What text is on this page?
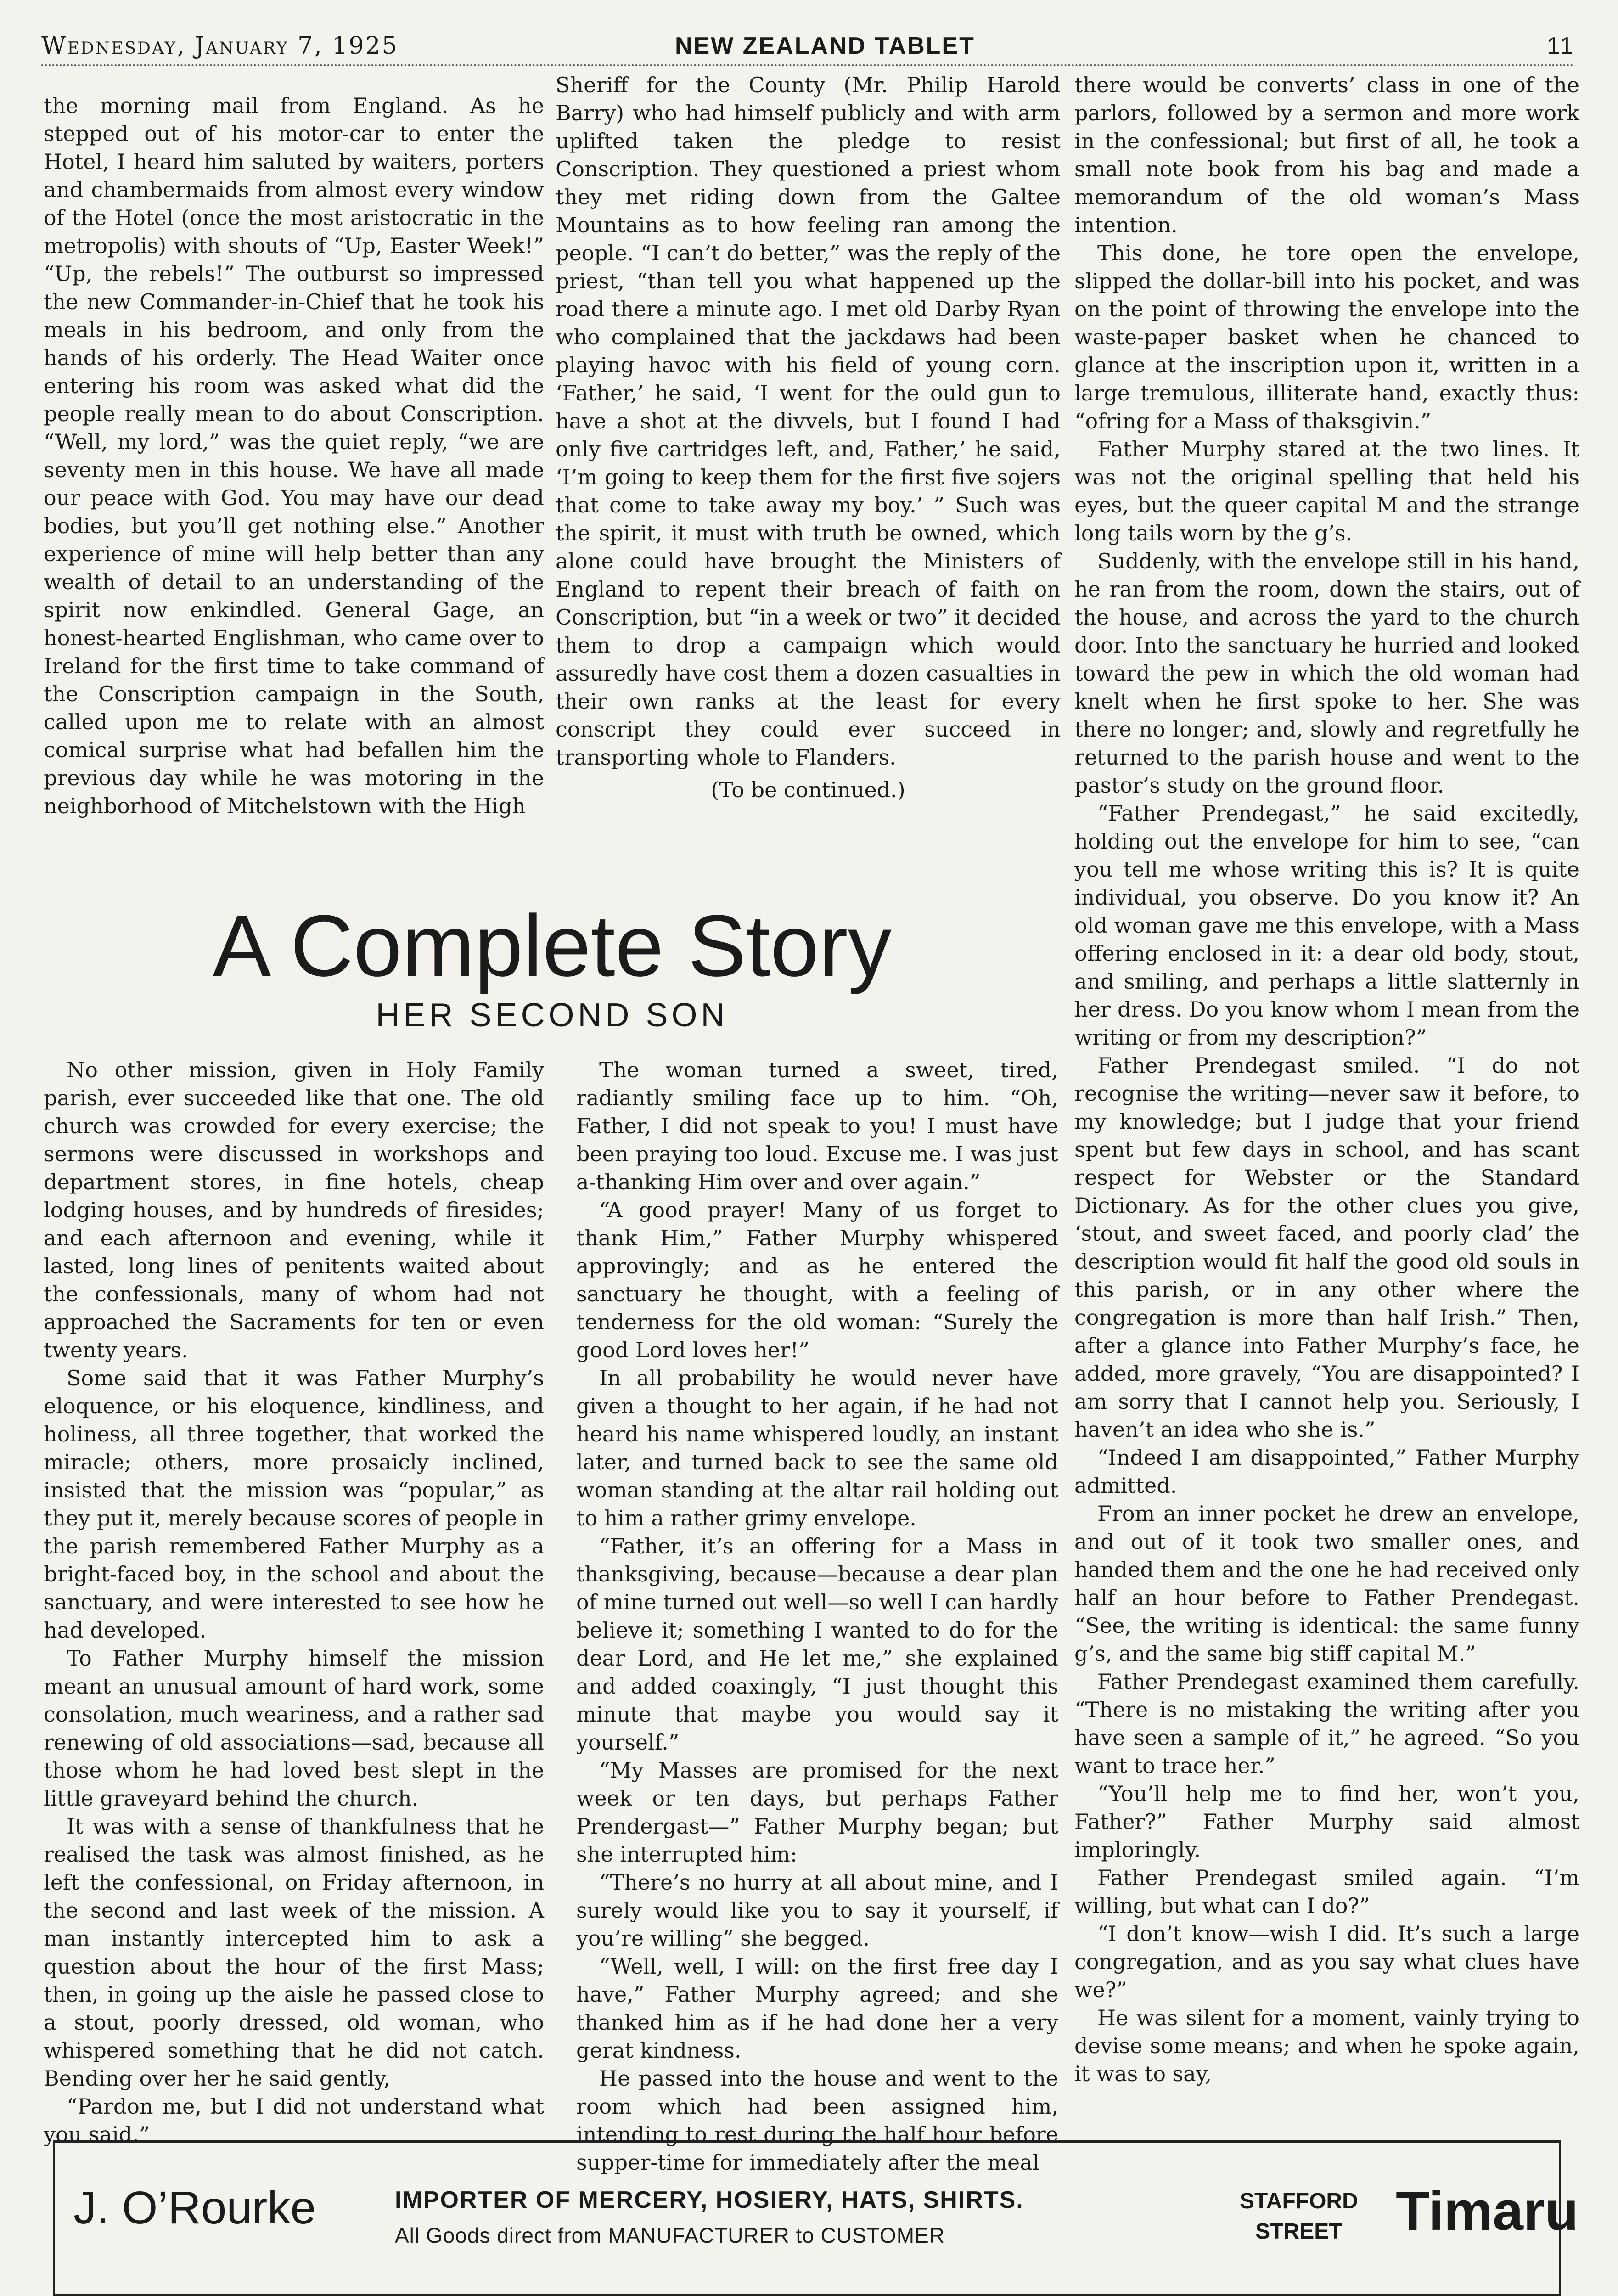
Wednesday, January 7, 1925	NEW ZEALAND TABLET	11

the morning mail from England. As he stepped out of his motor-car to enter the Hotel, I heard him saluted by waiters, porters and chambermaids from almost every window of the Hotel (once the most aristocratic in the metropolis) with shouts of “Up, Easter Week!” “Up, the rebels!” The outburst so impressed the new Commander-in-Chief that he took his meals in his bedroom, and only from the hands of his orderly. The Head Waiter once entering his room was asked what did the people really mean to do about Conscription. “Well, my lord,” was the quiet reply, “we are seventy men in this house. We have all made our peace with God. You may have our dead bodies, but you’ll get nothing else.” Another experience of mine will help better than any wealth of detail to an understanding of the spirit now enkindled. General Gage, an honest-hearted Englishman, who came over to Ireland for the first time to take command of the Conscription campaign in the South, called upon me to relate with an almost comical surprise what had befallen him the previous day while he was motoring in the neighborhood of Mitchelstown with the High

Sheriff for the County (Mr. Philip Harold Barry) who had himself publicly and with arm uplifted taken the pledge to resist Conscription. They questioned a priest whom they met riding down from the Galtee Mountains as to how feeling ran among the people. “I can’t do better,” was the reply of the priest, “than tell you what happened up the road there a minute ago. I met old Darby Ryan who complained that the jackdaws had been playing havoc with his field of young corn. ‘Father,’ he said, ‘I went for the ould gun to have a shot at the divvels, but I found I had only five cartridges left, and, Father,’ he said, ‘I’m going to keep them for the first five sojers that come to take away my boy.’ ” Such was the spirit, it must with truth be owned, which alone could have brought the Ministers of England to repent their breach of faith on Conscription, but “in a week or two” it decided them to drop a campaign which would assuredly have cost them a dozen casualties in their own ranks at the least for every conscript they could ever succeed in transporting whole to Flanders.

(To be continued.)

A Complete Story
HER SECOND SON

No other mission, given in Holy Family parish, ever succeeded like that one. The old church was crowded for every exercise; the sermons were discussed in workshops and department stores, in fine hotels, cheap lodging houses, and by hundreds of firesides; and each afternoon and evening, while it lasted, long lines of penitents waited about the confessionals, many of whom had not approached the Sacraments for ten or even twenty years.

Some said that it was Father Murphy’s eloquence, or his eloquence, kindliness, and holiness, all three together, that worked the miracle; others, more prosaicly inclined, insisted that the mission was “popular,” as they put it, merely because scores of people in the parish remembered Father Murphy as a bright-faced boy, in the school and about the sanctuary, and were interested to see how he had developed.

To Father Murphy himself the mission meant an unusual amount of hard work, some consolation, much weariness, and a rather sad renewing of old associations—sad, because all those whom he had loved best slept in the little graveyard behind the church.

It was with a sense of thankfulness that he realised the task was almost finished, as he left the confessional, on Friday afternoon, in the second and last week of the mission. A man instantly intercepted him to ask a question about the hour of the first Mass; then, in going up the aisle he passed close to a stout, poorly dressed, old woman, who whispered something that he did not catch. Bending over her he said gently,

“Pardon me, but I did not understand what you said.”

The woman turned a sweet, tired, radiantly smiling face up to him. “Oh, Father, I did not speak to you! I must have been praying too loud. Excuse me. I was just a-thanking Him over and over again.”

“A good prayer! Many of us forget to thank Him,” Father Murphy whispered approvingly; and as he entered the sanctuary he thought, with a feeling of tenderness for the old woman: “Surely the good Lord loves her!”

In all probability he would never have given a thought to her again, if he had not heard his name whispered loudly, an instant later, and turned back to see the same old woman standing at the altar rail holding out to him a rather grimy envelope.

“Father, it’s an offering for a Mass in thanksgiving, because—because a dear plan of mine turned out well—so well I can hardly believe it; something I wanted to do for the dear Lord, and He let me,” she explained and added coaxingly, “I just thought this minute that maybe you would say it yourself.”

“My Masses are promised for the next week or ten days, but perhaps Father Prendergast—” Father Murphy began; but she interrupted him:

“There’s no hurry at all about mine, and I surely would like you to say it yourself, if you’re willing” she begged.

“Well, well, I will: on the first free day I have,” Father Murphy agreed; and she thanked him as if he had done her a very gerat kindness.

He passed into the house and went to the room which had been assigned him, intending to rest during the half hour before supper-time for immediately after the meal

there would be converts’ class in one of the parlors, followed by a sermon and more work in the confessional; but first of all, he took a small note book from his bag and made a memorandum of the old woman’s Mass intention.

This done, he tore open the envelope, slipped the dollar-bill into his pocket, and was on the point of throwing the envelope into the waste-paper basket when he chanced to glance at the inscription upon it, written in a large tremulous, illiterate hand, exactly thus: “ofring for a Mass of thaksgivin.”

Father Murphy stared at the two lines. It was not the original spelling that held his eyes, but the queer capital M and the strange long tails worn by the g’s.

Suddenly, with the envelope still in his hand, he ran from the room, down the stairs, out of the house, and across the yard to the church door. Into the sanctuary he hurried and looked toward the pew in which the old woman had knelt when he first spoke to her. She was there no longer; and, slowly and regretfully he returned to the parish house and went to the pastor’s study on the ground floor.

“Father Prendegast,” he said excitedly, holding out the envelope for him to see, “can you tell me whose writing this is? It is quite individual, you observe. Do you know it? An old woman gave me this envelope, with a Mass offering enclosed in it: a dear old body, stout, and smiling, and perhaps a little slatternly in her dress. Do you know whom I mean from the writing or from my description?”

Father Prendegast smiled. “I do not recognise the writing—never saw it before, to my knowledge; but I judge that your friend spent but few days in school, and has scant respect for Webster or the Standard Dictionary. As for the other clues you give, ‘stout, and sweet faced, and poorly clad’ the description would fit half the good old souls in this parish, or in any other where the congregation is more than half Irish.” Then, after a glance into Father Murphy’s face, he added, more gravely, “You are disappointed? I am sorry that I cannot help you. Seriously, I haven’t an idea who she is.”

“Indeed I am disappointed,” Father Murphy admitted.

From an inner pocket he drew an envelope, and out of it took two smaller ones, and handed them and the one he had received only half an hour before to Father Prendegast. “See, the writing is identical: the same funny g’s, and the same big stiff capital M.”

Father Prendegast examined them carefully. “There is no mistaking the writing after you have seen a sample of it,” he agreed. “So you want to trace her.”

“You’ll help me to find her, won’t you, Father?” Father Murphy said almost imploringly.

Father Prendegast smiled again. “I’m willing, but what can I do?”

“I don’t know—wish I did. It’s such a large congregation, and as you say what clues have we?”

He was silent for a moment, vainly trying to devise some means; and when he spoke again, it was to say,

J. O’Rourke	IMPORTER OF MERCERY, HOSIERY, HATS, SHIRTS.
All Goods direct from MANUFACTURER to CUSTOMER
STAFFORD
STREET Timaru
